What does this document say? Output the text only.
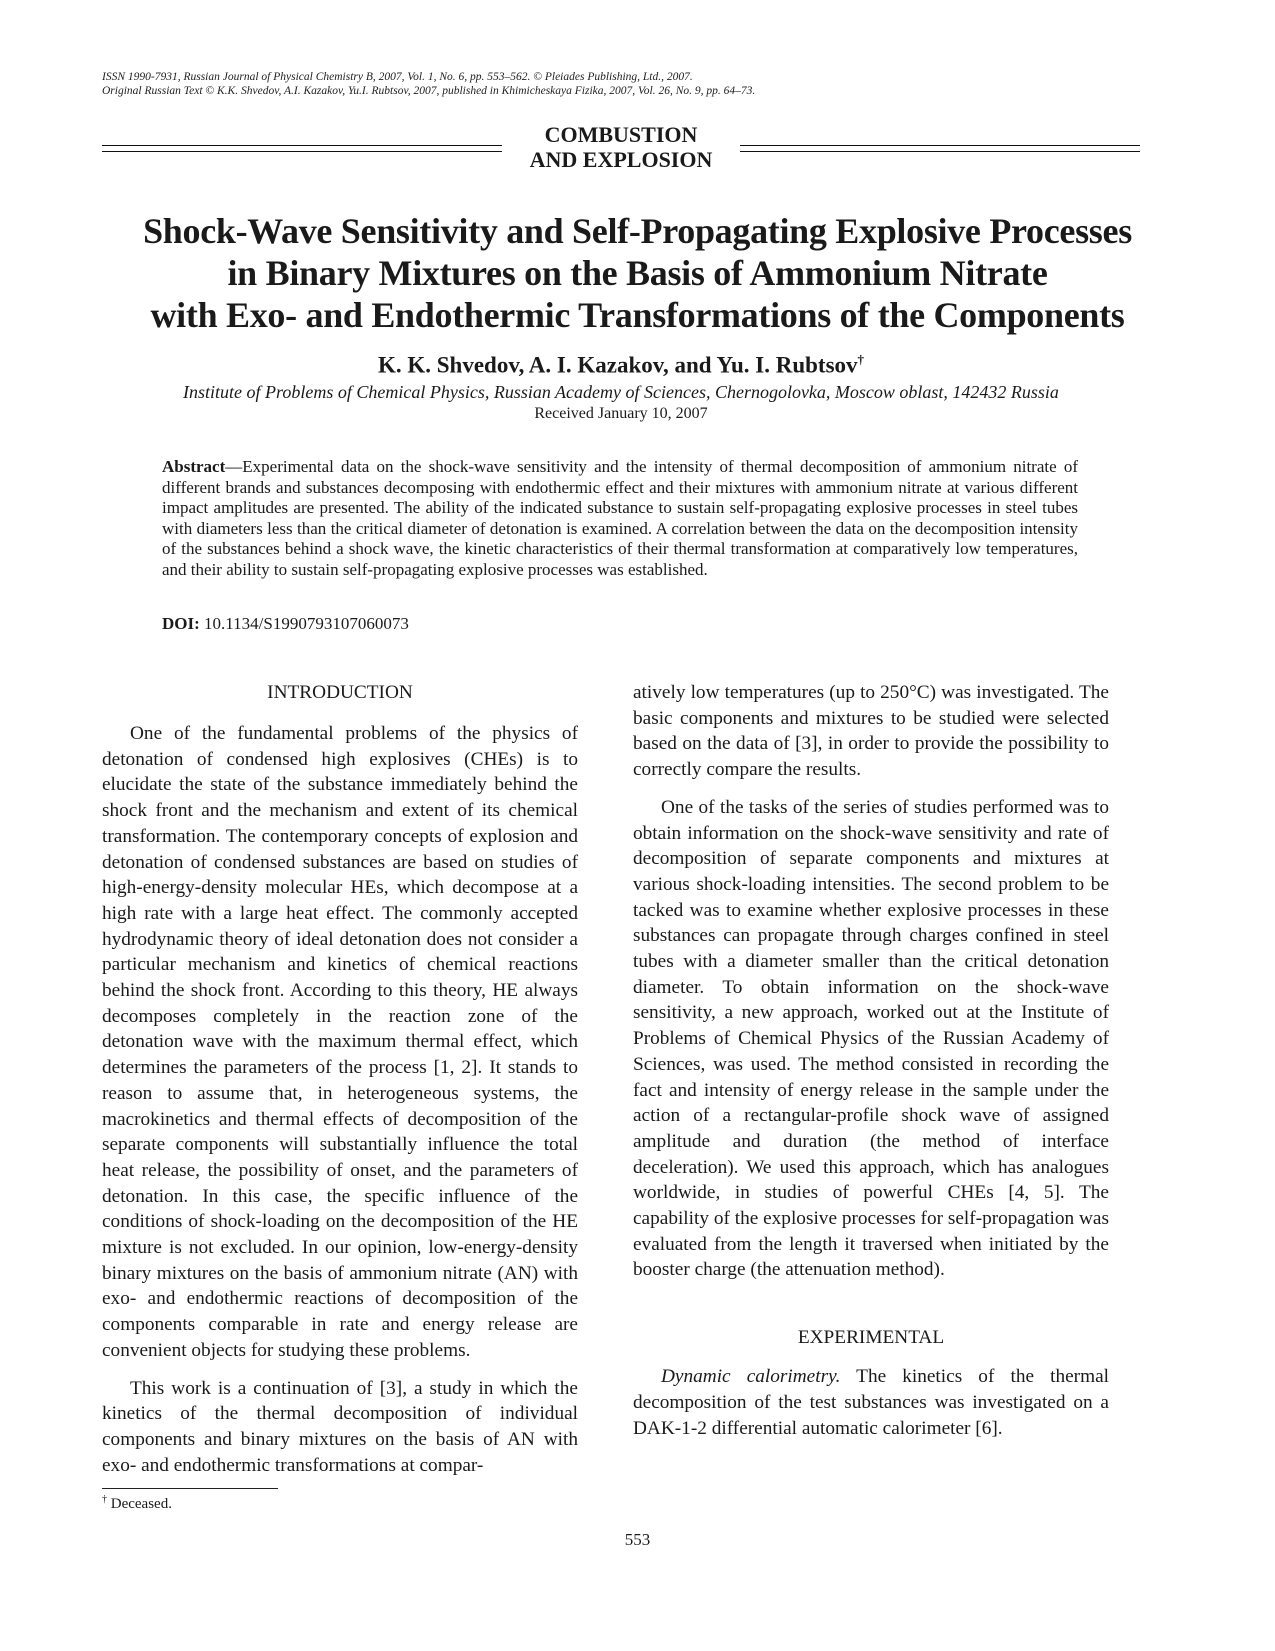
ISSN 1990-7931, Russian Journal of Physical Chemistry B, 2007, Vol. 1, No. 6, pp. 553–562. © Pleiades Publishing, Ltd., 2007.
Original Russian Text © K.K. Shvedov, A.I. Kazakov, Yu.I. Rubtsov, 2007, published in Khimicheskaya Fizika, 2007, Vol. 26, No. 9, pp. 64–73.
COMBUSTION
AND EXPLOSION
Shock-Wave Sensitivity and Self-Propagating Explosive Processes
in Binary Mixtures on the Basis of Ammonium Nitrate
with Exo- and Endothermic Transformations of the Components
K. K. Shvedov, A. I. Kazakov, and Yu. I. Rubtsov†
Institute of Problems of Chemical Physics, Russian Academy of Sciences, Chernogolovka, Moscow oblast, 142432 Russia
Received January 10, 2007
Abstract—Experimental data on the shock-wave sensitivity and the intensity of thermal decomposition of ammonium nitrate of different brands and substances decomposing with endothermic effect and their mixtures with ammonium nitrate at various different impact amplitudes are presented. The ability of the indicated substance to sustain self-propagating explosive processes in steel tubes with diameters less than the critical diameter of detonation is examined. A correlation between the data on the decomposition intensity of the substances behind a shock wave, the kinetic characteristics of their thermal transformation at comparatively low temperatures, and their ability to sustain self-propagating explosive processes was established.
DOI: 10.1134/S1990793107060073
INTRODUCTION

One of the fundamental problems of the physics of detonation of condensed high explosives (CHEs) is to elucidate the state of the substance immediately behind the shock front and the mechanism and extent of its chemical transformation. The contemporary concepts of explosion and detonation of condensed substances are based on studies of high-energy-density molecular HEs, which decompose at a high rate with a large heat effect. The commonly accepted hydrodynamic theory of ideal detonation does not consider a particular mechanism and kinetics of chemical reactions behind the shock front. According to this theory, HE always decomposes completely in the reaction zone of the detonation wave with the maximum thermal effect, which determines the parameters of the process [1, 2]. It stands to reason to assume that, in heterogeneous systems, the macrokinetics and thermal effects of decomposition of the separate components will substantially influence the total heat release, the possibility of onset, and the parameters of detonation. In this case, the specific influence of the conditions of shock-loading on the decomposition of the HE mixture is not excluded. In our opinion, low-energy-density binary mixtures on the basis of ammonium nitrate (AN) with exo- and endothermic reactions of decomposition of the components comparable in rate and energy release are convenient objects for studying these problems.

This work is a continuation of [3], a study in which the kinetics of the thermal decomposition of individual components and binary mixtures on the basis of AN with exo- and endothermic transformations at compar-

atively low temperatures (up to 250°C) was investigated. The basic components and mixtures to be studied were selected based on the data of [3], in order to provide the possibility to correctly compare the results.

One of the tasks of the series of studies performed was to obtain information on the shock-wave sensitivity and rate of decomposition of separate components and mixtures at various shock-loading intensities. The second problem to be tacked was to examine whether explosive processes in these substances can propagate through charges confined in steel tubes with a diameter smaller than the critical detonation diameter. To obtain information on the shock-wave sensitivity, a new approach, worked out at the Institute of Problems of Chemical Physics of the Russian Academy of Sciences, was used. The method consisted in recording the fact and intensity of energy release in the sample under the action of a rectangular-profile shock wave of assigned amplitude and duration (the method of interface deceleration). We used this approach, which has analogues worldwide, in studies of powerful CHEs [4, 5]. The capability of the explosive processes for self-propagation was evaluated from the length it traversed when initiated by the booster charge (the attenuation method).

EXPERIMENTAL

Dynamic calorimetry. The kinetics of the thermal decomposition of the test substances was investigated on a DAK-1-2 differential automatic calorimeter [6].

† Deceased.
553
